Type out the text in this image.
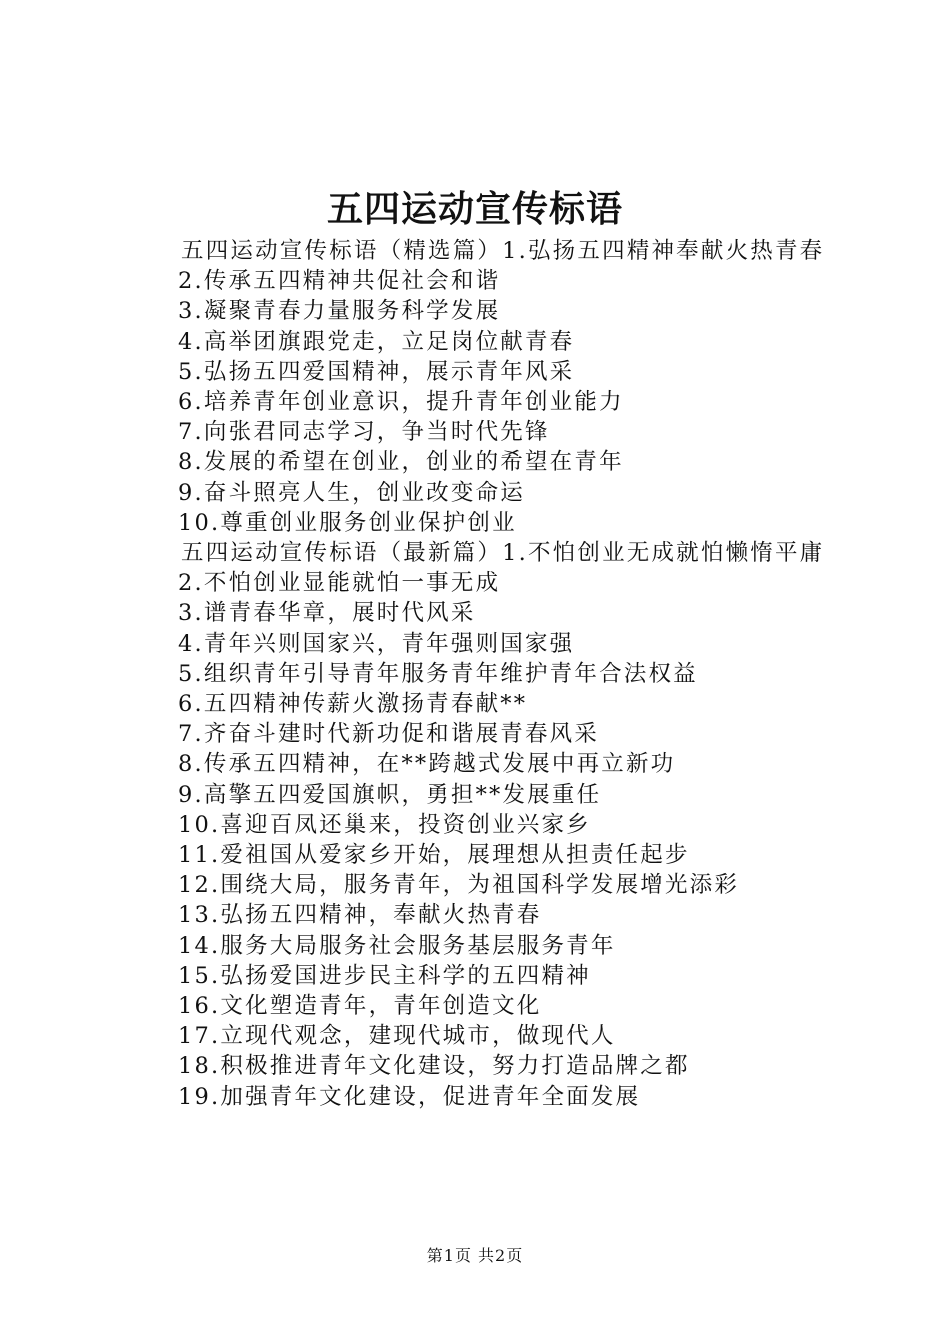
五四运动宣传标语

五四运动宣传标语（精选篇）1.弘扬五四精神奉献火热青春

2.传承五四精神共促社会和谐

3.凝聚青春力量服务科学发展

4.高举团旗跟党走，立足岗位献青春

5.弘扬五四爱国精神，展示青年风采

6.培养青年创业意识，提升青年创业能力

7.向张君同志学习，争当时代先锋

8.发展的希望在创业，创业的希望在青年

9.奋斗照亮人生，创业改变命运

10.尊重创业服务创业保护创业

五四运动宣传标语（最新篇）1.不怕创业无成就怕懒惰平庸

2.不怕创业显能就怕一事无成

3.谱青春华章，展时代风采

4.青年兴则国家兴，青年强则国家强

5.组织青年引导青年服务青年维护青年合法权益

6.五四精神传薪火激扬青春献**

7.齐奋斗建时代新功促和谐展青春风采

8.传承五四精神，在**跨越式发展中再立新功

9.高擎五四爱国旗帜，勇担**发展重任

10.喜迎百凤还巢来，投资创业兴家乡

11.爱祖国从爱家乡开始，展理想从担责任起步

12.围绕大局，服务青年，为祖国科学发展增光添彩

13.弘扬五四精神，奉献火热青春

14.服务大局服务社会服务基层服务青年

15.弘扬爱国进步民主科学的五四精神

16.文化塑造青年，青年创造文化

17.立现代观念，建现代城市，做现代人

18.积极推进青年文化建设，努力打造品牌之都

19.加强青年文化建设，促进青年全面发展

第1页 共2页
